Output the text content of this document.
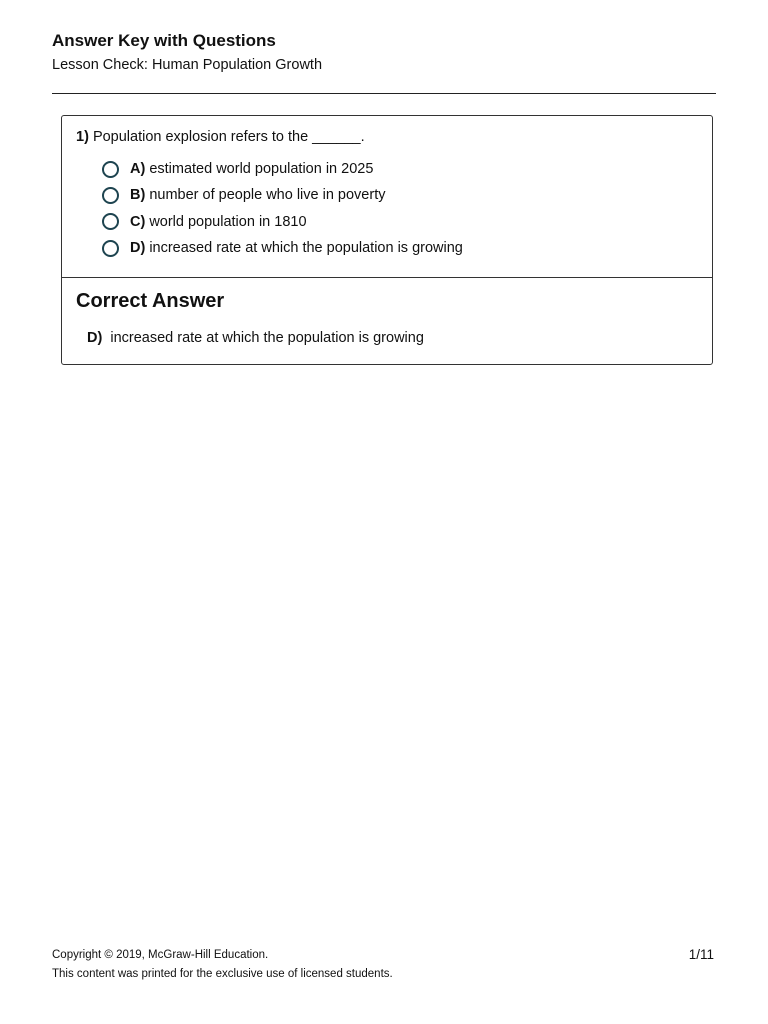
Answer Key with Questions

Lesson Check: Human Population Growth

1) Population explosion refers to the ______.
A) estimated world population in 2025
B) number of people who live in poverty
C) world population in 1810
D) increased rate at which the population is growing
Correct Answer
D) increased rate at which the population is growing
Copyright © 2019, McGraw-Hill Education.
This content was printed for the exclusive use of licensed students.
1/11
